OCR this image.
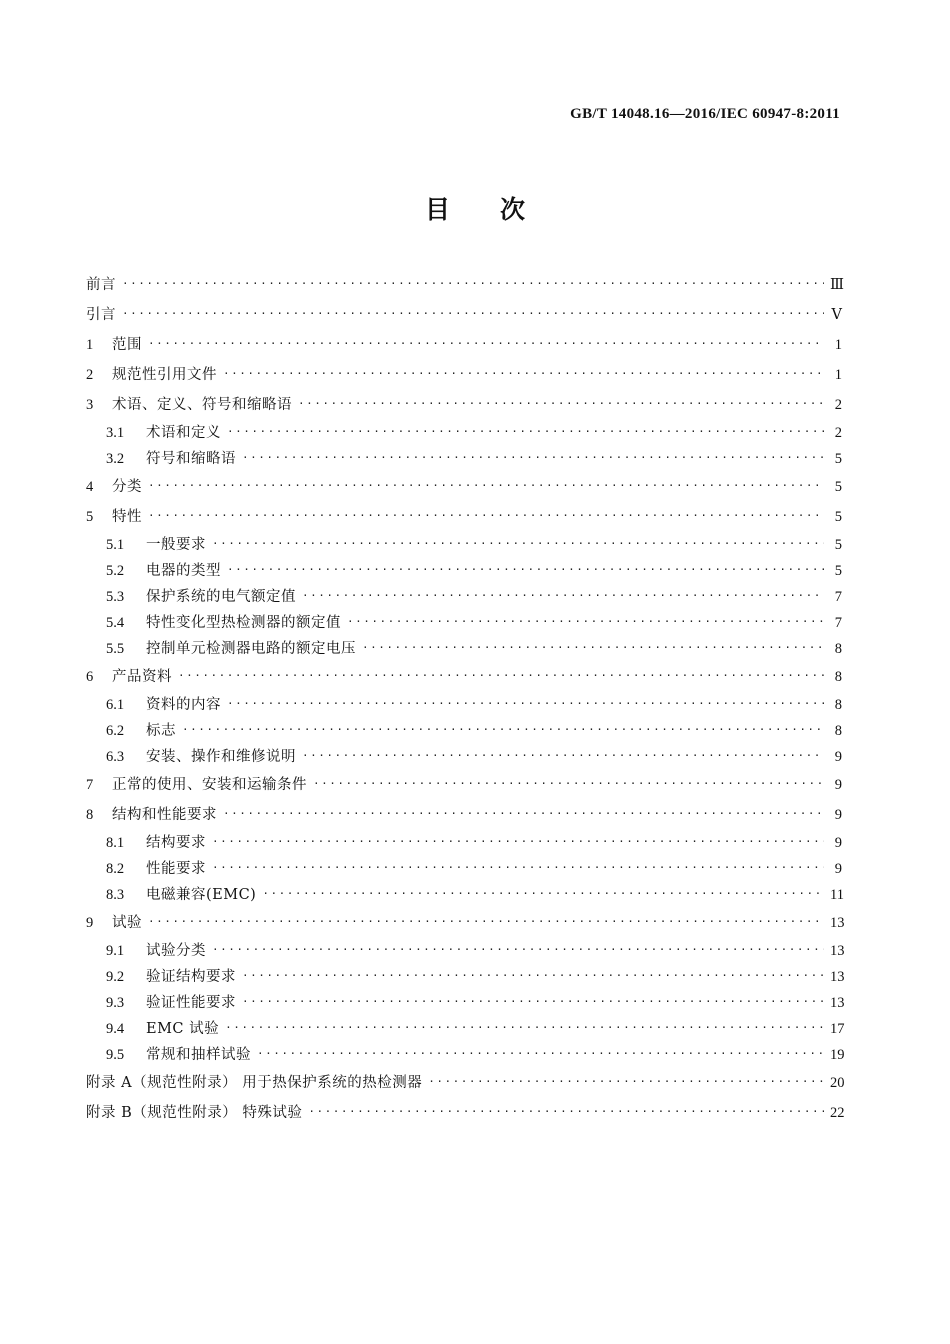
GB/T 14048.16—2016/IEC 60947-8:2011
目次
前言 ·····	Ⅲ
引言 ·····	Ⅴ
1	范围 ·····	1
2	规范性引用文件 ·····	1
3	术语、定义、符号和缩略语 ·····	2
3.1	术语和定义 ·····	2
3.2	符号和缩略语 ·····	5
4	分类 ·····	5
5	特性 ·····	5
5.1	一般要求 ·····	5
5.2	电器的类型 ·····	5
5.3	保护系统的电气额定值 ·····	7
5.4	特性变化型热检测器的额定值 ·····	7
5.5	控制单元检测器电路的额定电压 ·····	8
6	产品资料 ·····	8
6.1	资料的内容 ·····	8
6.2	标志 ·····	8
6.3	安装、操作和维修说明 ·····	9
7	正常的使用、安装和运输条件 ·····	9
8	结构和性能要求 ·····	9
8.1	结构要求 ·····	9
8.2	性能要求 ·····	9
8.3	电磁兼容(EMC) ·····	11
9	试验 ·····	13
9.1	试验分类 ·····	13
9.2	验证结构要求 ·····	13
9.3	验证性能要求 ·····	13
9.4	EMC 试验 ·····	17
9.5	常规和抽样试验 ·····	19
附录 A（规范性附录） 用于热保护系统的热检测器 ·····	20
附录 B（规范性附录） 特殊试验 ·····	22
